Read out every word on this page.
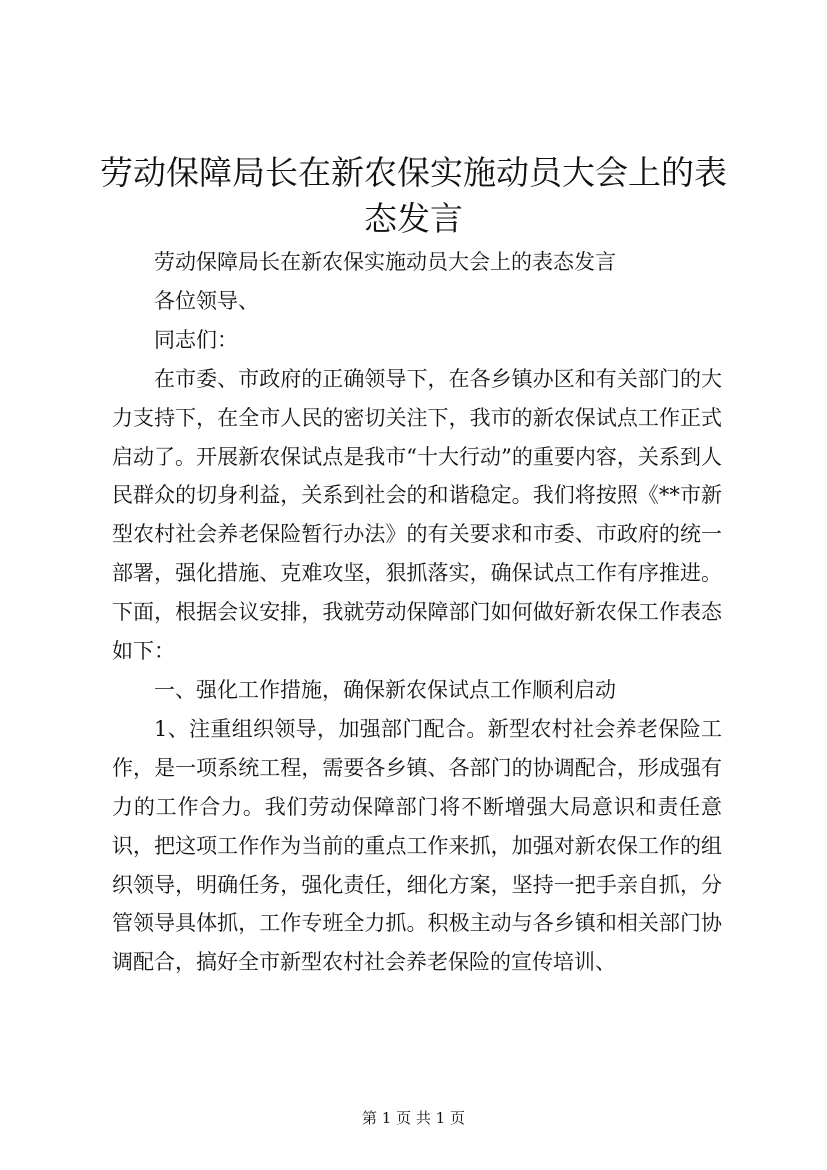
劳动保障局长在新农保实施动员大会上的表态发言

劳动保障局长在新农保实施动员大会上的表态发言

各位领导、

同志们：

在市委、市政府的正确领导下，在各乡镇办区和有关部门的大力支持下，在全市人民的密切关注下，我市的新农保试点工作正式启动了。开展新农保试点是我市“十大行动”的重要内容，关系到人民群众的切身利益，关系到社会的和谐稳定。我们将按照《**市新型农村社会养老保险暂行办法》的有关要求和市委、市政府的统一部署，强化措施、克难攻坚，狠抓落实，确保试点工作有序推进。下面，根据会议安排，我就劳动保障部门如何做好新农保工作表态如下：

一、强化工作措施，确保新农保试点工作顺利启动

1、注重组织领导，加强部门配合。新型农村社会养老保险工作，是一项系统工程，需要各乡镇、各部门的协调配合，形成强有力的工作合力。我们劳动保障部门将不断增强大局意识和责任意识，把这项工作作为当前的重点工作来抓，加强对新农保工作的组织领导，明确任务，强化责任，细化方案，坚持一把手亲自抓，分管领导具体抓，工作专班全力抓。积极主动与各乡镇和相关部门协调配合，搞好全市新型农村社会养老保险的宣传培训、

第 1 页 共 1 页
